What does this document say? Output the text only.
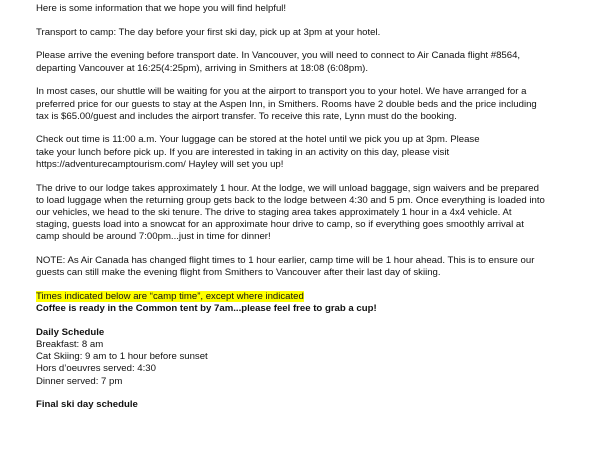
Here is some information that we hope you will find helpful!

Transport to camp: The day before your first ski day, pick up at 3pm at your hotel.

Please arrive the evening before transport date. In Vancouver, you will need to connect to Air Canada flight #8564,
departing Vancouver at 16:25(4:25pm), arriving in Smithers at 18:08 (6:08pm).

In most cases, our shuttle will be waiting for you at the airport to transport you to your hotel. We have arranged for a
preferred price for our guests to stay at the Aspen Inn, in Smithers. Rooms have 2 double beds and the price including
tax is $65.00/guest and includes the airport transfer. To receive this rate, Lynn must do the booking.

Check out time is 11:00 a.m. Your luggage can be stored at the hotel until we pick you up at 3pm. Please
take your lunch before pick up. If you are interested in taking in an activity on this day, please visit
https://adventurecamptourism.com/ Hayley will set you up!

The drive to our lodge takes approximately 1 hour. At the lodge, we will unload baggage, sign waivers and be prepared
to load luggage when the returning group gets back to the lodge between 4:30 and 5 pm. Once everything is loaded into
our vehicles, we head to the ski tenure. The drive to staging area takes approximately 1 hour in a 4x4 vehicle. At
staging, guests load into a snowcat for an approximate hour drive to camp, so if everything goes smoothly arrival at
camp should be around 7:00pm...just in time for dinner!

NOTE: As Air Canada has changed flight times to 1 hour earlier, camp time will be 1 hour ahead. This is to ensure our
guests can still make the evening flight from Smithers to Vancouver after their last day of skiing.

Times indicated below are “camp time”, except where indicated
Coffee is ready in the Common tent by 7am...please feel free to grab a cup!

Daily Schedule
Breakfast: 8 am
Cat Skiing: 9 am to 1 hour before sunset
Hors d’oeuvres served: 4:30
Dinner served: 7 pm

Final ski day schedule
